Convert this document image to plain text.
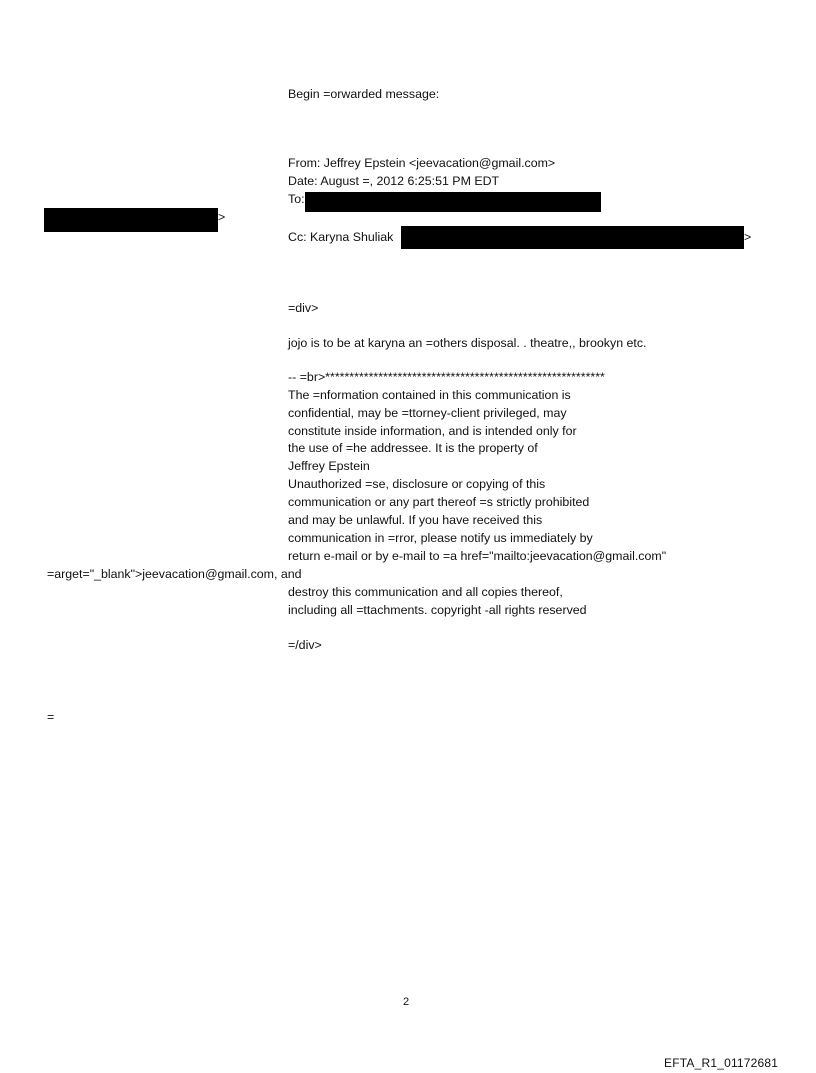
Begin =orwarded message:
From: Jeffrey Epstein <jeevacation@gmail.com>
Date: August =, 2012 6:25:51 PM EDT
To:
>
Cc: Karyna Shuliak	>
=div>
jojo is to be at karyna an =others disposal. . theatre,, brookyn etc.
-- =br>**********************************************************
The =nformation contained in this communication is
confidential, may be =ttorney-client privileged, may
constitute inside information, and is intended only for
the use of =he addressee. It is the property of
Jeffrey Epstein
Unauthorized =se, disclosure or copying of this
communication or any part thereof =s strictly prohibited
and may be unlawful. If you have received this
communication in =rror, please notify us immediately by
return e-mail or by e-mail to =a href="mailto:jeevacation@gmail.com"
=arget="_blank">jeevacation@gmail.com, and
destroy this communication and all copies thereof,
including all =ttachments. copyright -all rights reserved
=/div>
=
2
EFTA_R1_01172681
